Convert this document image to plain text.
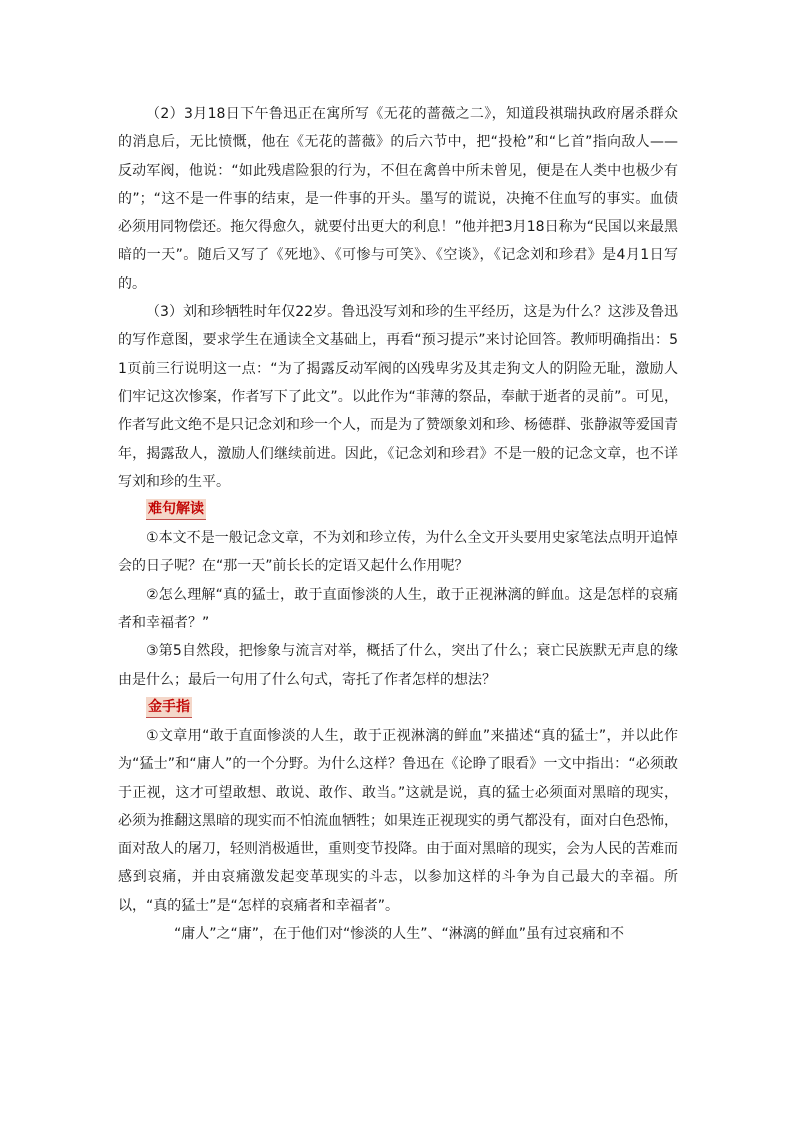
（2）3月18日下午鲁迅正在寓所写《无花的蔷薇之二》，知道段祺瑞执政府屠杀群众的消息后，无比愤慨，他在《无花的蔷薇》的后六节中，把“投枪”和“匕首”指向敌人——反动军阀，他说：“如此残虐险狠的行为，不但在禽兽中所未曾见，便是在人类中也极少有的”；“这不是一件事的结束，是一件事的开头。墨写的谎说，决掩不住血写的事实。血债必须用同物偿还。拖欠得愈久，就要付出更大的利息！”他并把3月18日称为“民国以来最黑暗的一天”。随后又写了《死地》、《可惨与可笑》、《空谈》，《记念刘和珍君》是4月1日写的。

（3）刘和珍牺牲时年仅22岁。鲁迅没写刘和珍的生平经历，这是为什么？这涉及鲁迅的写作意图，要求学生在通读全文基础上，再看“预习提示”来讨论回答。教师明确指出：51页前三行说明这一点：“为了揭露反动军阀的凶残卑劣及其走狗文人的阴险无耻，激励人们牢记这次惨案，作者写下了此文”。以此作为“菲薄的祭品，奉献于逝者的灵前”。可见，作者写此文绝不是只记念刘和珍一个人，而是为了赞颂象刘和珍、杨德群、张静淑等爱国青年，揭露敌人，激励人们继续前进。因此，《记念刘和珍君》不是一般的记念文章，也不详写刘和珍的生平。

难句解读

①本文不是一般记念文章，不为刘和珍立传，为什么全文开头要用史家笔法点明开追悼会的日子呢？在“那一天”前长长的定语又起什么作用呢？

②怎么理解“真的猛士，敢于直面惨淡的人生，敢于正视淋漓的鲜血。这是怎样的哀痛者和幸福者？”

③第5自然段，把惨象与流言对举，概括了什么，突出了什么；衰亡民族默无声息的缘由是什么；最后一句用了什么句式，寄托了作者怎样的想法？

金手指

①文章用“敢于直面惨淡的人生，敢于正视淋漓的鲜血”来描述“真的猛士”，并以此作为“猛士”和“庸人”的一个分野。为什么这样？鲁迅在《论睁了眼看》一文中指出：“必须敢于正视，这才可望敢想、敢说、敢作、敢当。”这就是说，真的猛士必须面对黑暗的现实，必须为推翻这黑暗的现实而不怕流血牺牲；如果连正视现实的勇气都没有，面对白色恐怖，面对敌人的屠刀，轻则消极遁世，重则变节投降。由于面对黑暗的现实，会为人民的苦难而感到哀痛，并由哀痛激发起变革现实的斗志，以参加这样的斗争为自己最大的幸福。所以，“真的猛士”是“怎样的哀痛者和幸福者”。

“庸人”之“庸”，在于他们对“惨淡的人生”、“淋漓的鲜血”虽有过哀痛和不
